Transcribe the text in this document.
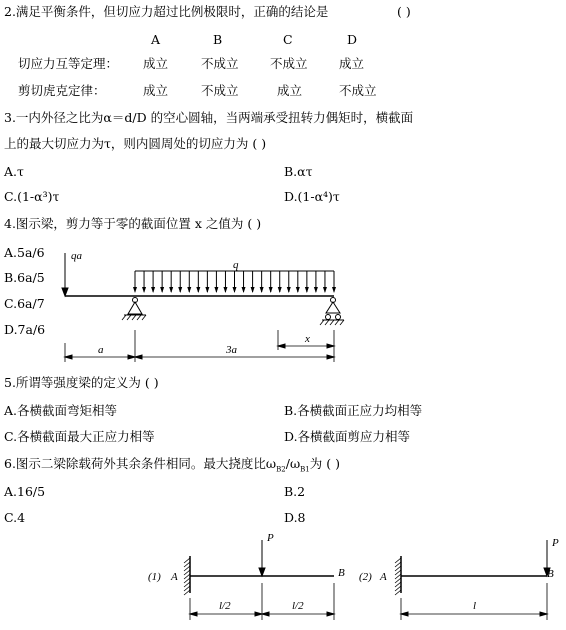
2.满足平衡条件，但切应力超过比例极限时，正确的结论是	( )
A	B	C	D
切应力互等定理： 成立	不成立	不成立	成立
剪切虎克定律：	成立	不成立	成立	不成立
3.一内外径之比为α＝d/D 的空心圆轴，当两端承受扭转力偶矩时，横截面
上的最大切应力为τ，则内圆周处的切应力为 ( )
A.τ	B.ατ
C.(1-α³)τ	D.(1-α⁴)τ
4.图示梁，剪力等于零的截面位置 x 之值为 ( )
A.5a/6
B.6a/5
C.6a/7
D.7a/6
5.所谓等强度梁的定义为 ( )
A.各横截面弯矩相等	B.各横截面正应力均相等
C.各横截面最大正应力相等	D.各横截面剪应力相等
6.图示二梁除载荷外其余条件相同。最大挠度比$\omega_{B2}/\omega_{B1}$为 ( )
A.16/5	B.2
C.4	D.8
qa
q
a	3a
x
(1) A	B
P
l/2	l/2
(2) A	B
P
l
